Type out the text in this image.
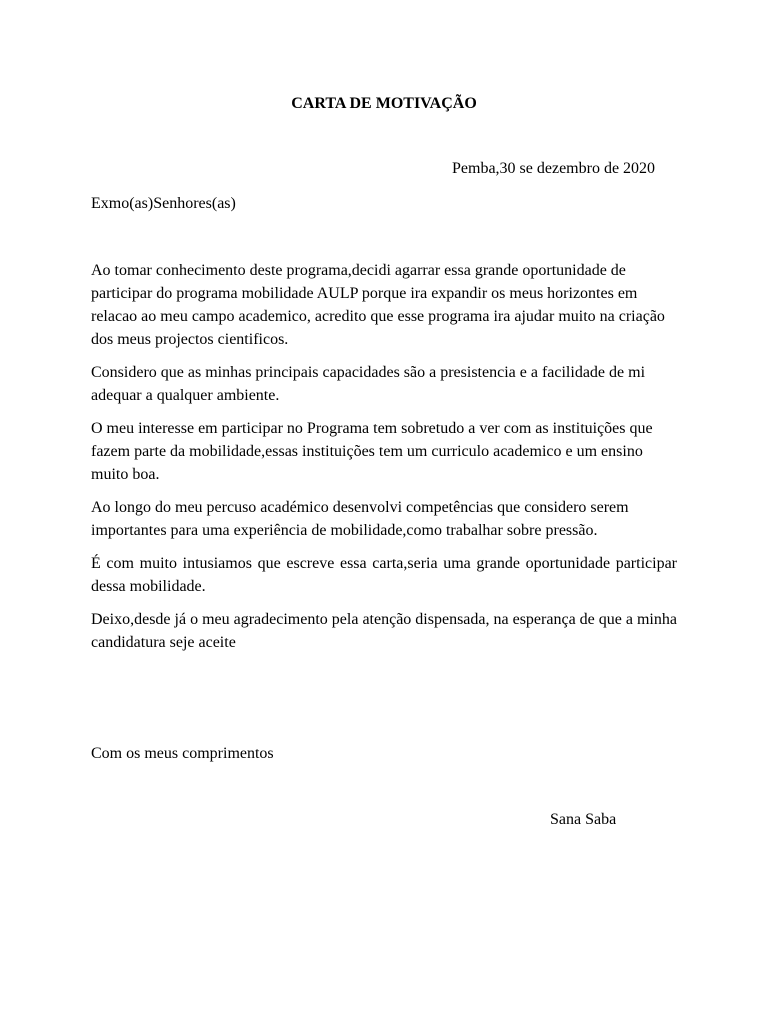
CARTA DE MOTIVAÇÃO
Pemba,30 se dezembro de 2020
Exmo(as)Senhores(as)

Ao tomar conhecimento deste programa,decidi agarrar essa grande oportunidade de participar do programa mobilidade AULP porque ira expandir os meus horizontes em relacao ao meu campo academico, acredito que esse programa ira ajudar muito na criação dos meus projectos cientificos.

Considero que as minhas principais capacidades são a presistencia e a facilidade de mi adequar a qualquer ambiente.

O meu interesse em participar no Programa tem sobretudo a ver com as instituições que fazem parte da mobilidade,essas instituições tem um curriculo academico e um ensino muito boa.

Ao longo do meu percuso académico desenvolvi competências que considero serem importantes para uma experiência de mobilidade,como trabalhar sobre pressão.

É com muito intusiamos que escreve essa carta,seria uma grande oportunidade participar dessa mobilidade.

Deixo,desde já o meu agradecimento pela atenção dispensada, na esperança de que a minha candidatura seje aceite

Com os meus comprimentos
Sana Saba
